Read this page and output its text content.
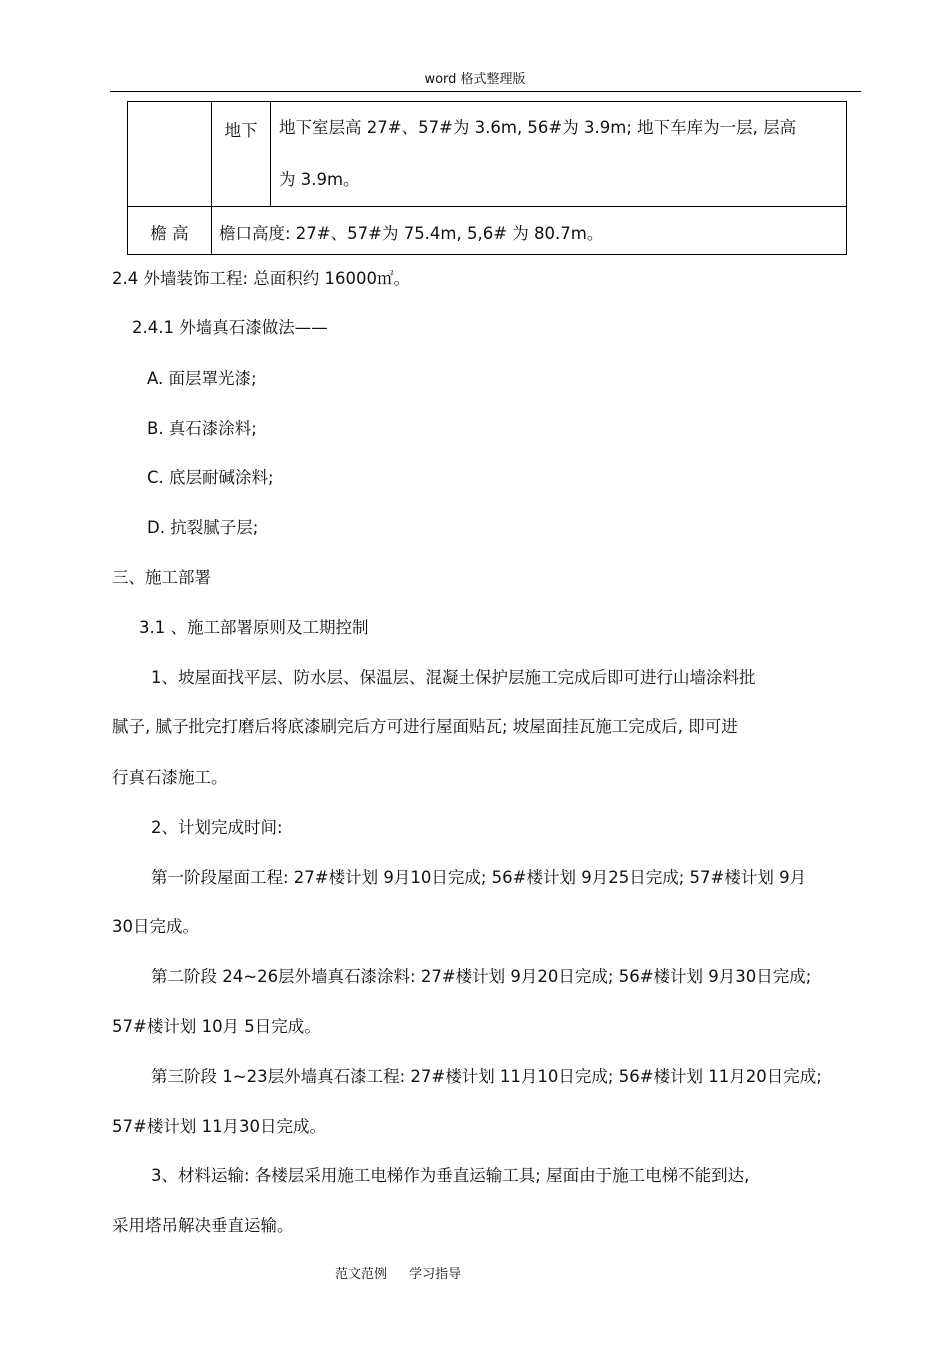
word 格式整理版
	地下	地下室层高 27#、57#为 3.6m, 56#为 3.9m; 地下车库为一层, 层高
为 3.9m。

檐 高	檐口高度: 27#、57#为 75.4m, 5,6# 为 80.7m。	
2.4 外墙装饰工程: 总面积约 16000㎡。
2.4.1 外墙真石漆做法——
A. 面层罩光漆;
B. 真石漆涂料;
C. 底层耐碱涂料;
D. 抗裂腻子层;
三、施工部署
3.1 、施工部署原则及工期控制
1、坡屋面找平层、防水层、保温层、混凝土保护层施工完成后即可进行山墙涂料批
腻子, 腻子批完打磨后将底漆刷完后方可进行屋面贴瓦; 坡屋面挂瓦施工完成后, 即可进
行真石漆施工。
2、计划完成时间:
第一阶段屋面工程: 27#楼计划 9月10日完成; 56#楼计划 9月25日完成; 57#楼计划 9月
30日完成。
第二阶段 24~26层外墙真石漆涂料: 27#楼计划 9月20日完成; 56#楼计划 9月30日完成;
57#楼计划 10月 5日完成。
第三阶段 1~23层外墙真石漆工程: 27#楼计划 11月10日完成; 56#楼计划 11月20日完成;
57#楼计划 11月30日完成。
3、材料运输: 各楼层采用施工电梯作为垂直运输工具; 屋面由于施工电梯不能到达,
采用塔吊解决垂直运输。
范文范例 学习指导
